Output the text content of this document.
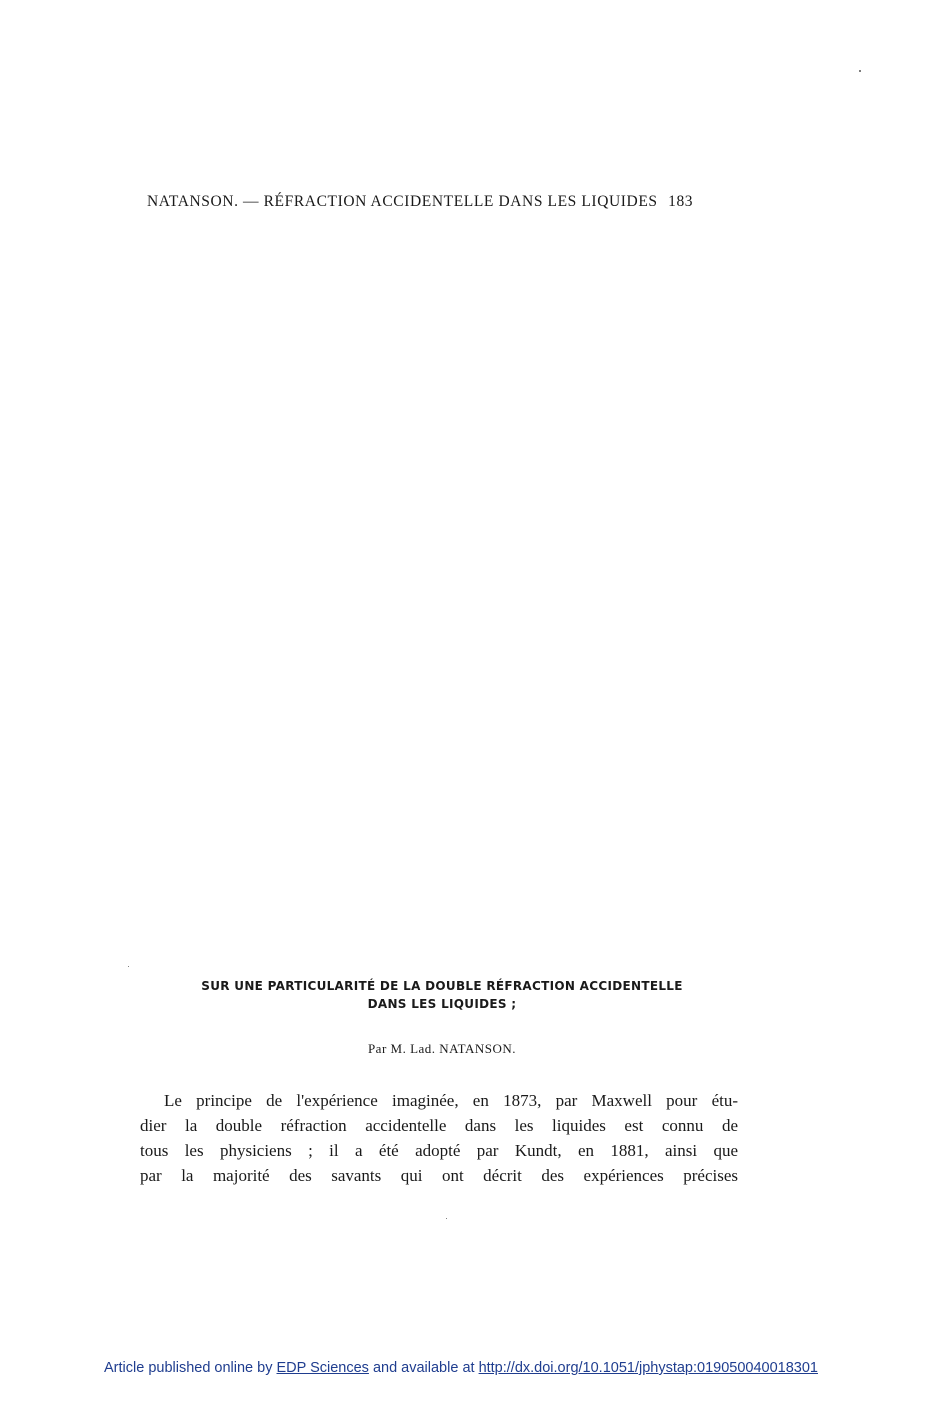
NATANSON. — RÉFRACTION ACCIDENTELLE DANS LES LIQUIDES 183
SUR UNE PARTICULARITÉ DE LA DOUBLE RÉFRACTION ACCIDENTELLE
DANS LES LIQUIDES ;
Par M. Lad. NATANSON.
Le principe de l'expérience imaginée, en 1873, par Maxwell pour étu-
dier la double réfraction accidentelle dans les liquides est connu de
tous les physiciens ; il a été adopté par Kundt, en 1881, ainsi que
par la majorité des savants qui ont décrit des expériences précises
Article published online by EDP Sciences and available at http://dx.doi.org/10.1051/jphystap:019050040018301
